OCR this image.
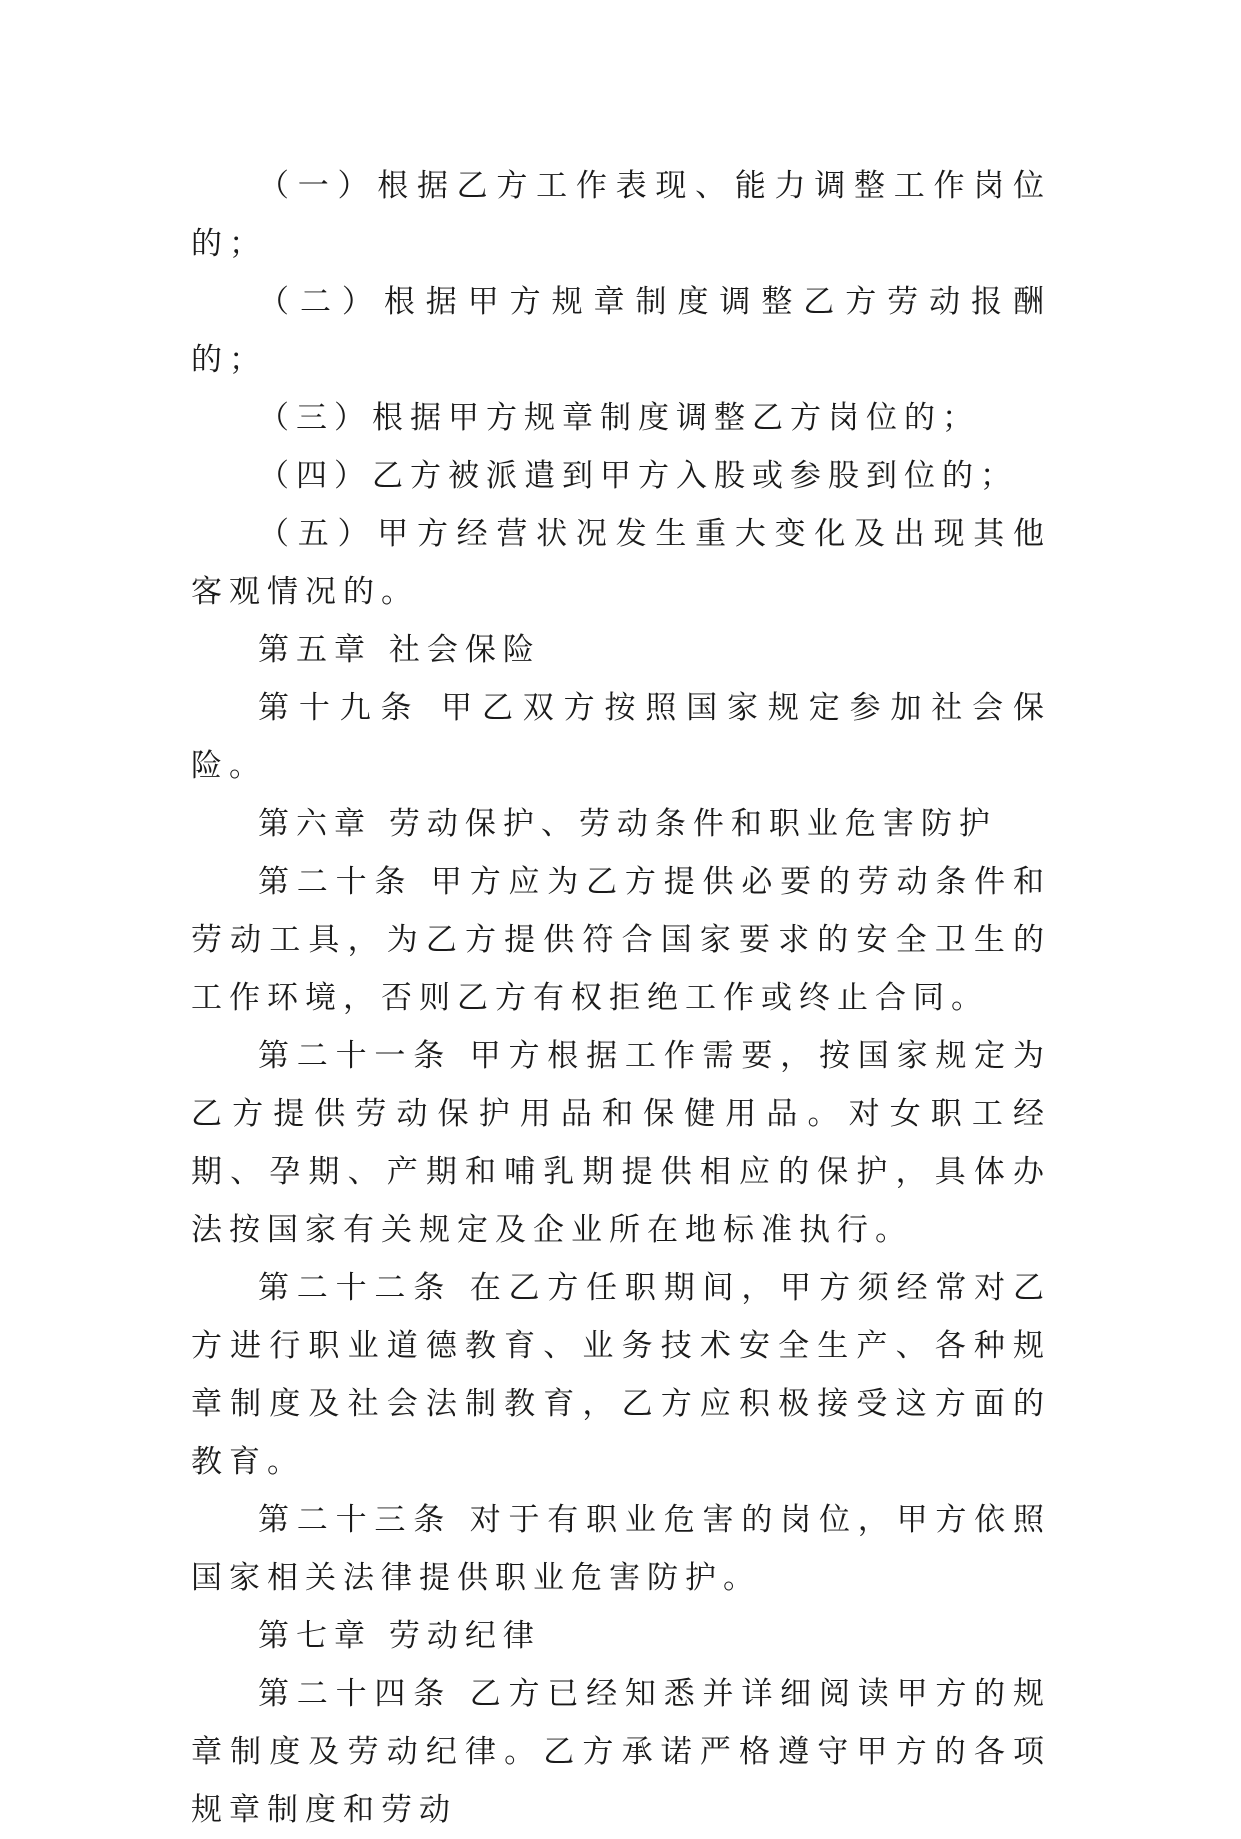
（一）根据乙方工作表现、能力调整工作岗位的；

（二）根据甲方规章制度调整乙方劳动报酬的；

（三）根据甲方规章制度调整乙方岗位的；

（四）乙方被派遣到甲方入股或参股到位的；

（五）甲方经营状况发生重大变化及出现其他客观情况的。

第五章 社会保险

第十九条 甲乙双方按照国家规定参加社会保险。

第六章 劳动保护、劳动条件和职业危害防护

第二十条 甲方应为乙方提供必要的劳动条件和劳动工具，为乙方提供符合国家要求的安全卫生的工作环境，否则乙方有权拒绝工作或终止合同。

第二十一条 甲方根据工作需要，按国家规定为乙方提供劳动保护用品和保健用品。对女职工经期、孕期、产期和哺乳期提供相应的保护，具体办法按国家有关规定及企业所在地标准执行。

第二十二条 在乙方任职期间，甲方须经常对乙方进行职业道德教育、业务技术安全生产、各种规章制度及社会法制教育，乙方应积极接受这方面的教育。

第二十三条 对于有职业危害的岗位，甲方依照国家相关法律提供职业危害防护。

第七章 劳动纪律

第二十四条 乙方已经知悉并详细阅读甲方的规章制度及劳动纪律。乙方承诺严格遵守甲方的各项规章制度和劳动
